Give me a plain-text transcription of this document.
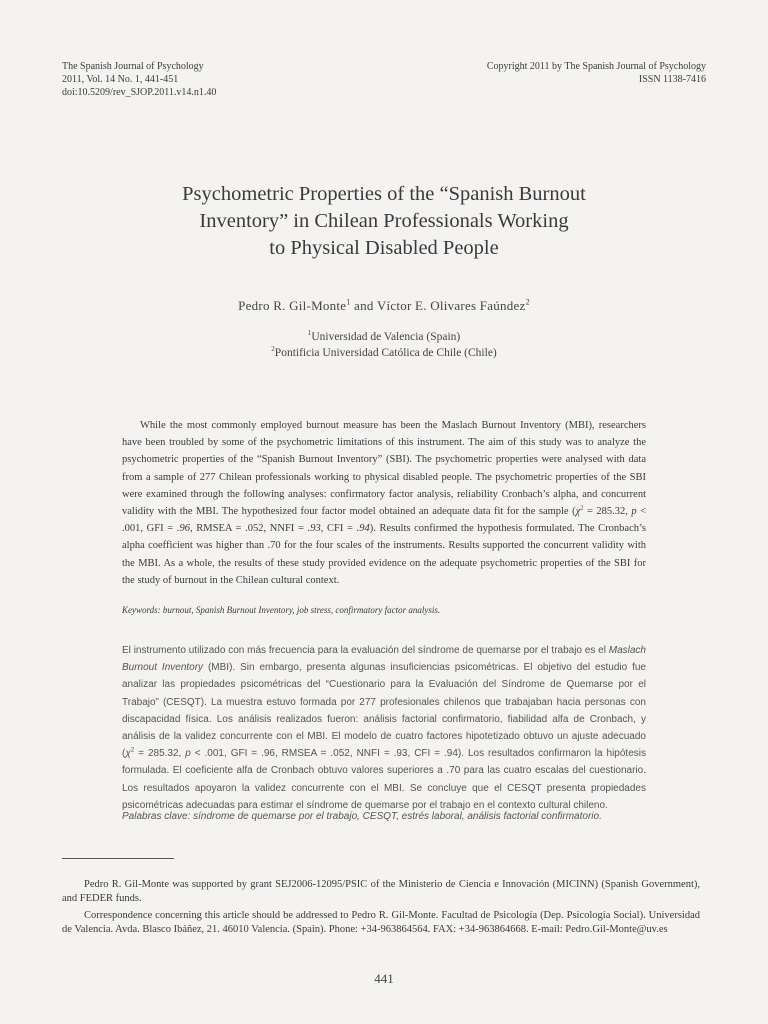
The Spanish Journal of Psychology
2011, Vol. 14 No. 1, 441-451
doi:10.5209/rev_SJOP.2011.v14.n1.40
Copyright 2011 by The Spanish Journal of Psychology
ISSN 1138-7416
Psychometric Properties of the “Spanish Burnout
Inventory” in Chilean Professionals Working
to Physical Disabled People
Pedro R. Gil-Monte$^1$ and Víctor E. Olivares Faúndez$^2$
$^1$Universidad de Valencia (Spain)
$^2$Pontificia Universidad Católica de Chile (Chile)

While the most commonly employed burnout measure has been the Maslach Burnout Inventory (MBI), researchers have been troubled by some of the psychometric limitations of this instrument. The aim of this study was to analyze the psychometric properties of the “Spanish Burnout Inventory” (SBI). The psychometric properties were analysed with data from a sample of 277 Chilean professionals working to physical disabled people. The psychometric properties of the SBI were examined through the following analyses: confirmatory factor analysis, reliability Cronbach’s alpha, and concurrent validity with the MBI. The hypothesized four factor model obtained an adequate data fit for the sample ($\chi^2 = 285.32$, p < .001, GFI = .96, RMSEA = .052, NNFI = .93, CFI = .94). Results confirmed the hypothesis formulated. The Cronbach’s alpha coefficient was higher than .70 for the four scales of the instruments. Results supported the concurrent validity with the MBI. As a whole, the results of these study provided evidence on the adequate psychometric properties of the SBI for the study of burnout in the Chilean cultural context.

Keywords: burnout, Spanish Burnout Inventory, job stress, confirmatory factor analysis.

El instrumento utilizado con más frecuencia para la evaluación del síndrome de quemarse por el trabajo es el Maslach Burnout Inventory (MBI). Sin embargo, presenta algunas insuficiencias psicométricas. El objetivo del estudio fue analizar las propiedades psicométricas del “Cuestionario para la Evaluación del Síndrome de Quemarse por el Trabajo” (CESQT). La muestra estuvo formada por 277 profesionales chilenos que trabajaban hacia personas con discapacidad física. Los análisis realizados fueron: análisis factorial confirmatorio, fiabilidad alfa de Cronbach, y análisis de la validez concurrente con el MBI. El modelo de cuatro factores hipotetizado obtuvo un ajuste adecuado ($\chi^2 = 285.32$, p < .001, GFI = .96, RMSEA = .052, NNFI = .93, CFI = .94). Los resultados confirmaron la hipótesis formulada. El coeficiente alfa de Cronbach obtuvo valores superiores a .70 para las cuatro escalas del cuestionario. Los resultados apoyaron la validez concurrente con el MBI. Se concluye que el CESQT presenta propiedades psicométricas adecuadas para estimar el síndrome de quemarse por el trabajo en el contexto cultural chileno.

Palabras clave: síndrome de quemarse por el trabajo, CESQT, estrés laboral, análisis factorial confirmatorio.

Pedro R. Gil-Monte was supported by grant SEJ2006-12095/PSIC of the Ministerio de Ciencia e Innovación (MICINN) (Spanish Government), and FEDER funds.

Correspondence concerning this article should be addressed to Pedro R. Gil-Monte. Facultad de Psicología (Dep. Psicología Social). Universidad de Valencia. Avda. Blasco Ibáñez, 21. 46010 Valencia. (Spain). Phone: +34-963864564. FAX: +34-963864668. E-mail: Pedro.Gil-Monte@uv.es

441
